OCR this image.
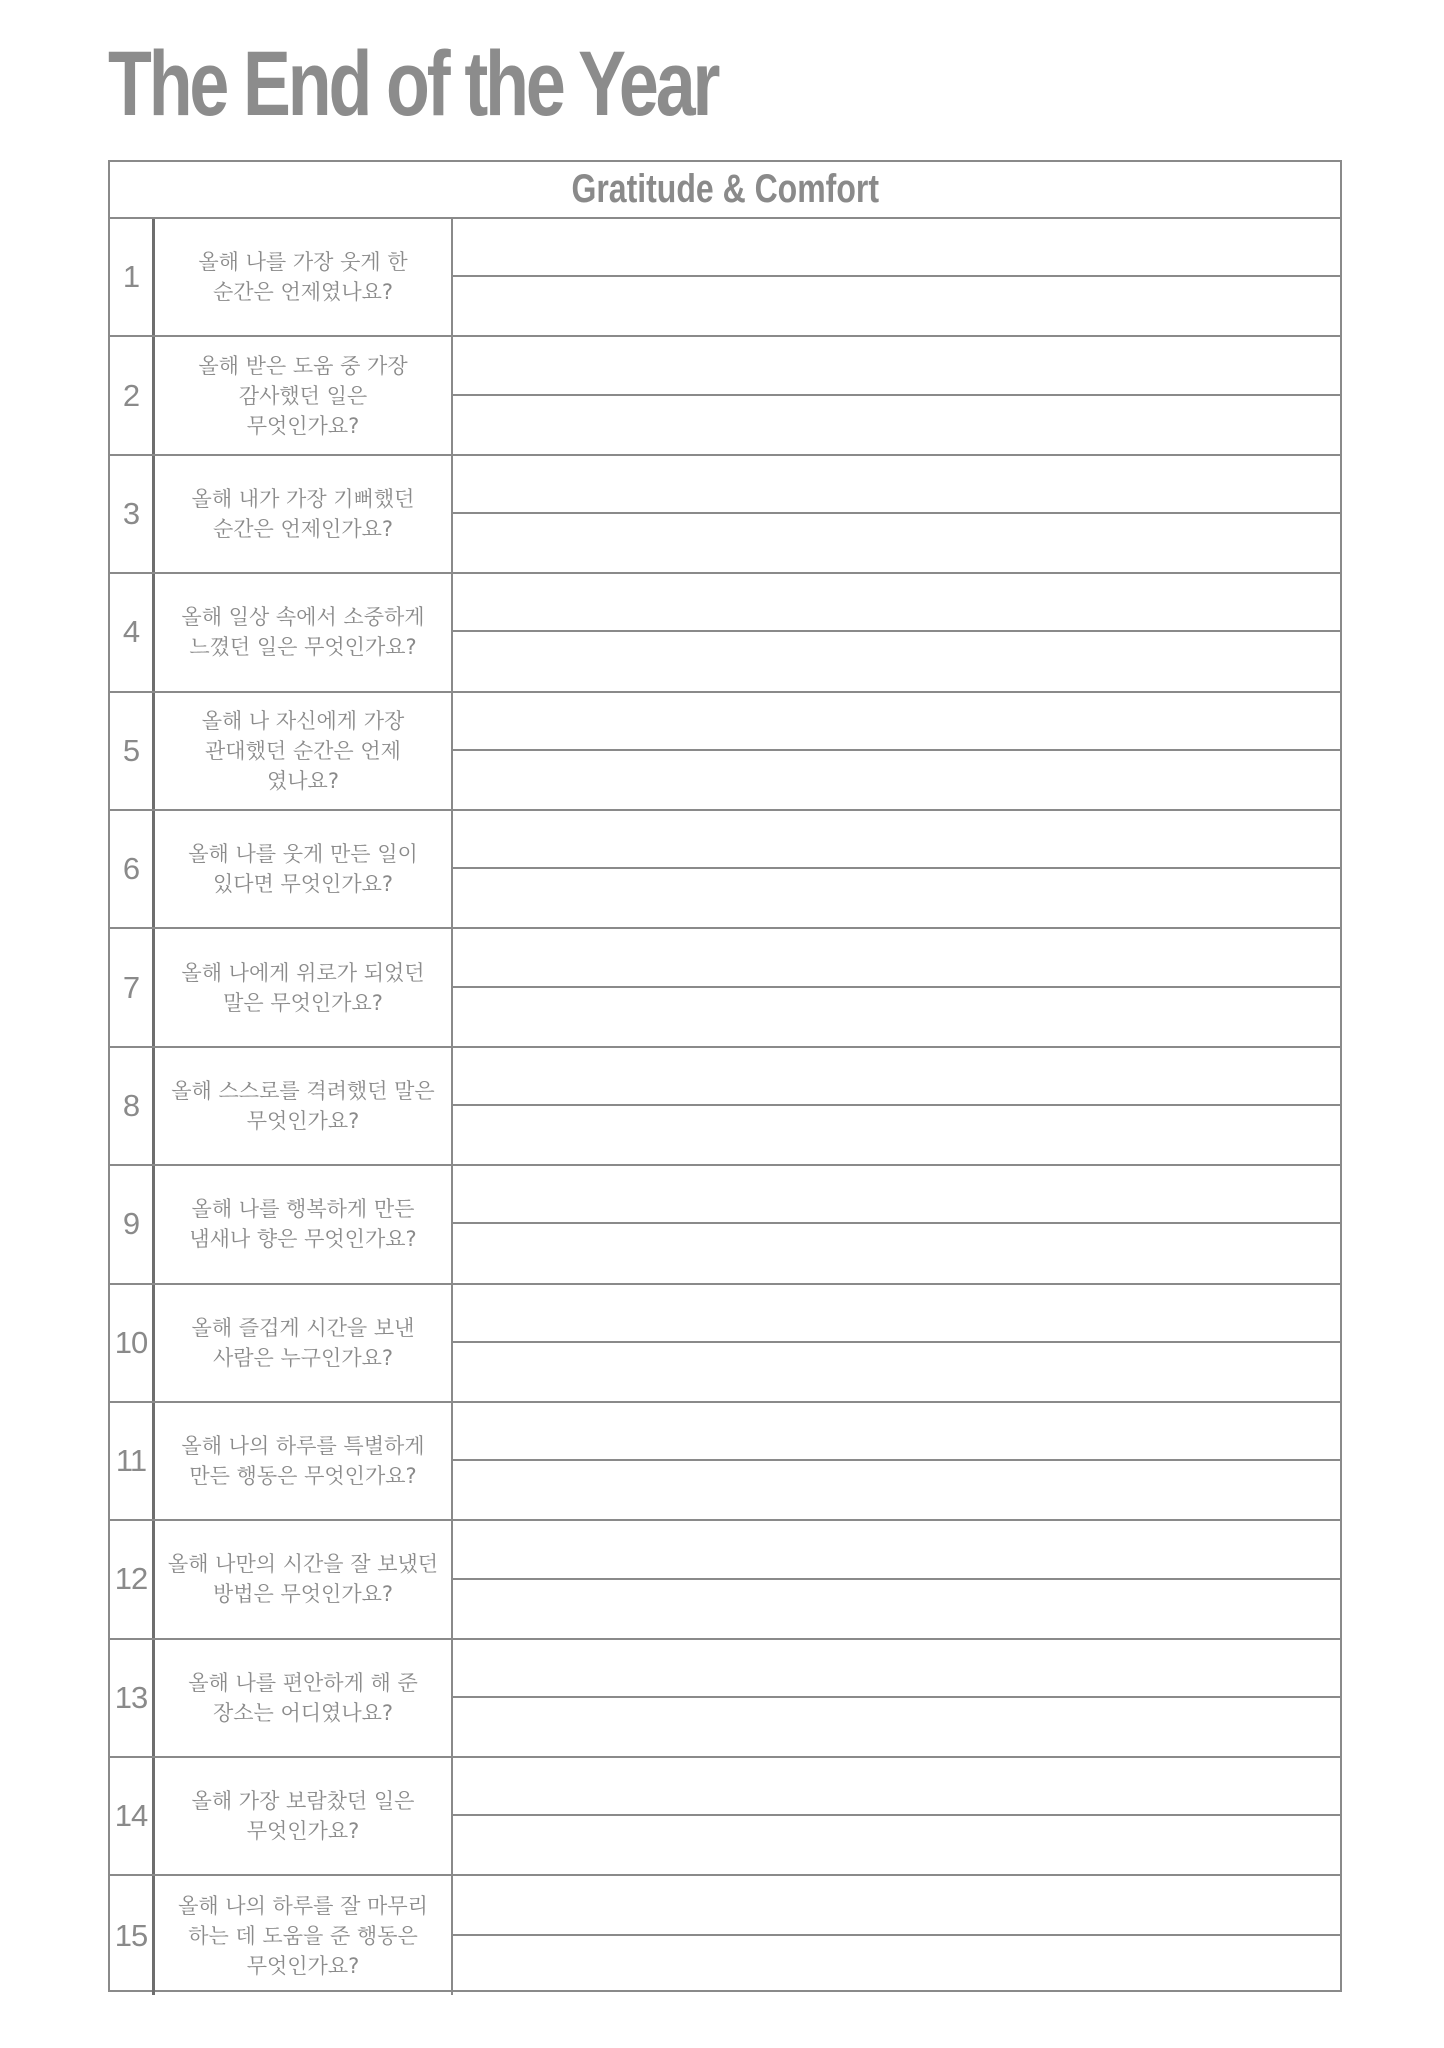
The End of the Year
Gratitude & Comfort
1	올해 나를 가장 웃게 한
순간은 언제였나요?
2
올해 받은 도움 중 가장
감사했던 일은
무엇인가요?
3	올해 내가 가장 기뻐했던
순간은 언제인가요?
4	올해 일상 속에서 소중하게
느꼈던 일은 무엇인가요?
5
올해 나 자신에게 가장
관대했던 순간은 언제
였나요?
6	올해 나를 웃게 만든 일이
있다면 무엇인가요?
7	올해 나에게 위로가 되었던
말은 무엇인가요?
8	올해 스스로를 격려했던 말은
무엇인가요?
9	올해 나를 행복하게 만든
냄새나 향은 무엇인가요?
10	올해 즐겁게 시간을 보낸
사람은 누구인가요?
11	올해 나의 하루를 특별하게
만든 행동은 무엇인가요?
12 올해 나만의 시간을 잘 보냈던
방법은 무엇인가요?
13	올해 나를 편안하게 해 준
장소는 어디였나요?
14	올해 가장 보람찼던 일은
무엇인가요?
15
올해 나의 하루를 잘 마무리
하는 데 도움을 준 행동은
무엇인가요?
